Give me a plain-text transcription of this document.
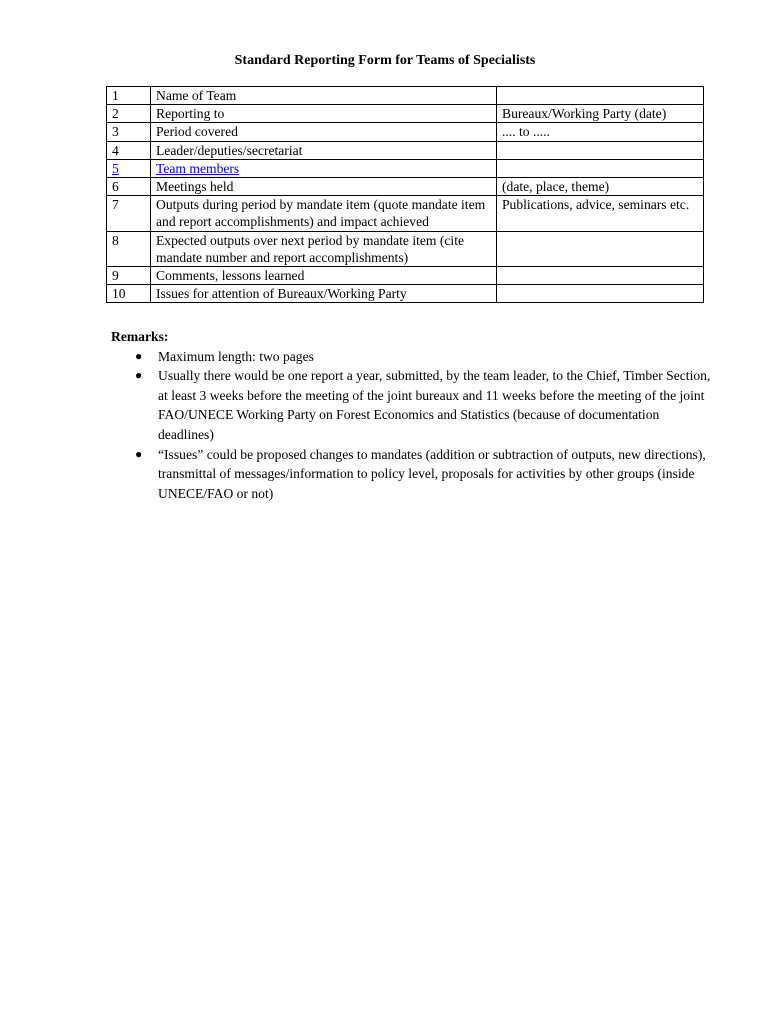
Standard Reporting Form for Teams of Specialists
1	Name of Team	
2	Reporting to	Bureaux/Working Party (date)
3	Period covered	.... to .....
4	Leader/deputies/secretariat	
5	Team members	
6	Meetings held	(date, place, theme)
7	Outputs during period by mandate item (quote mandate item and report accomplishments) and impact achieved	Publications, advice, seminars etc.
8	Expected outputs over next period by mandate item (cite mandate number and report accomplishments)	
9	Comments, lessons learned	
10	Issues for attention of Bureaux/Working Party	
Remarks:
● Maximum length: two pages
● Usually there would be one report a year, submitted, by the team leader, to the Chief, Timber Section, at least 3 weeks before the meeting of the joint bureaux and 11 weeks before the meeting of the joint FAO/UNECE Working Party on Forest Economics and Statistics (because of documentation deadlines)
● “Issues” could be proposed changes to mandates (addition or subtraction of outputs, new directions), transmittal of messages/information to policy level, proposals for activities by other groups (inside UNECE/FAO or not)
